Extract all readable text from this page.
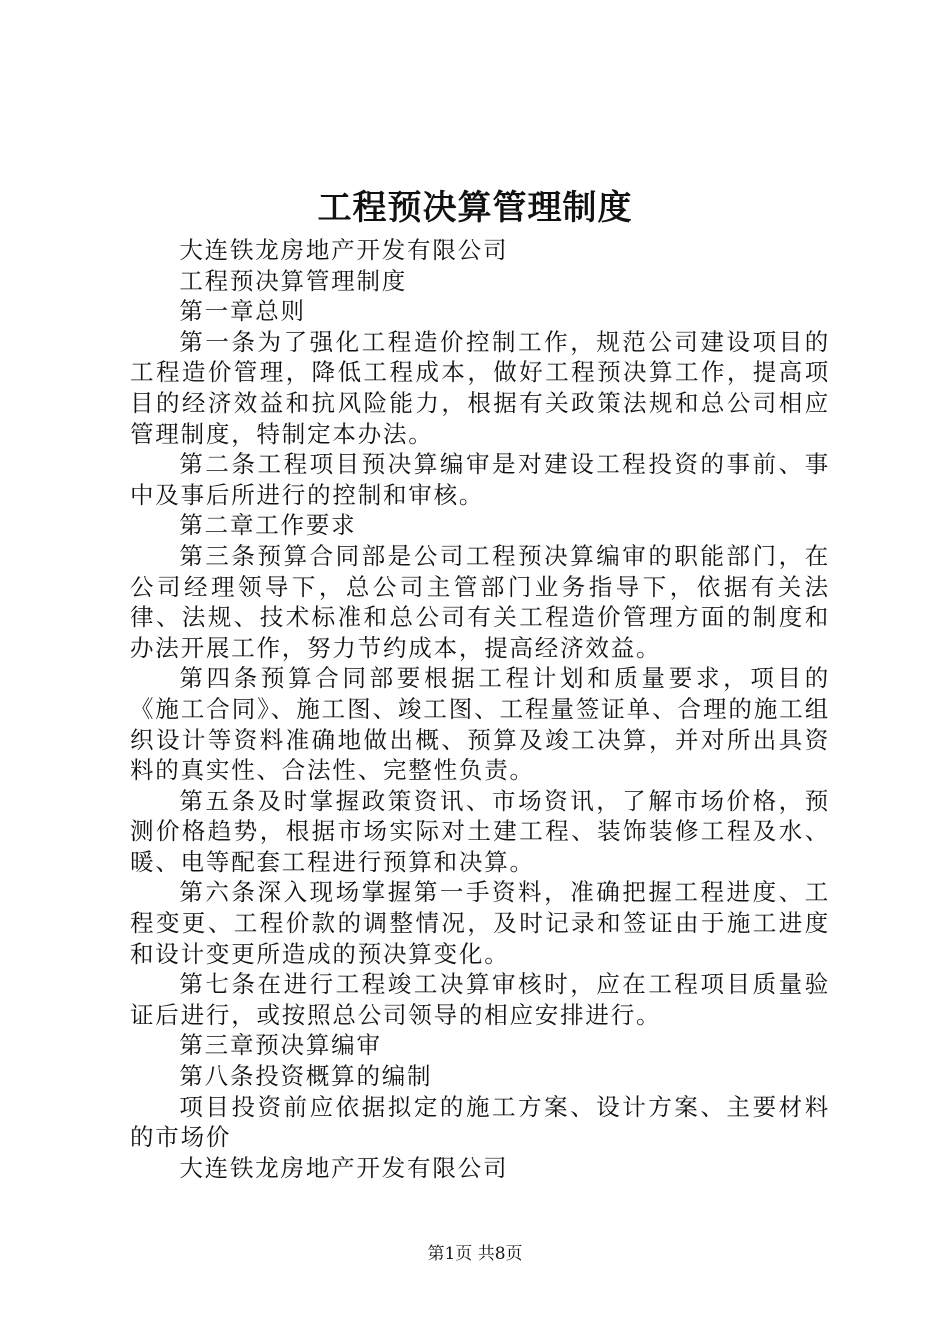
工程预决算管理制度

大连铁龙房地产开发有限公司

工程预决算管理制度

第一章总则

第一条为了强化工程造价控制工作，规范公司建设项目的工程造价管理，降低工程成本，做好工程预决算工作，提高项目的经济效益和抗风险能力，根据有关政策法规和总公司相应管理制度，特制定本办法。

第二条工程项目预决算编审是对建设工程投资的事前、事中及事后所进行的控制和审核。

第二章工作要求

第三条预算合同部是公司工程预决算编审的职能部门，在公司经理领导下，总公司主管部门业务指导下，依据有关法律、法规、技术标准和总公司有关工程造价管理方面的制度和办法开展工作，努力节约成本，提高经济效益。

第四条预算合同部要根据工程计划和质量要求，项目的《施工合同》、施工图、竣工图、工程量签证单、合理的施工组织设计等资料准确地做出概、预算及竣工决算，并对所出具资料的真实性、合法性、完整性负责。

第五条及时掌握政策资讯、市场资讯，了解市场价格，预测价格趋势，根据市场实际对土建工程、装饰装修工程及水、暖、电等配套工程进行预算和决算。

第六条深入现场掌握第一手资料，准确把握工程进度、工程变更、工程价款的调整情况，及时记录和签证由于施工进度和设计变更所造成的预决算变化。

第七条在进行工程竣工决算审核时，应在工程项目质量验证后进行，或按照总公司领导的相应安排进行。

第三章预决算编审

第八条投资概算的编制

项目投资前应依据拟定的施工方案、设计方案、主要材料的市场价

大连铁龙房地产开发有限公司

第1页 共8页
